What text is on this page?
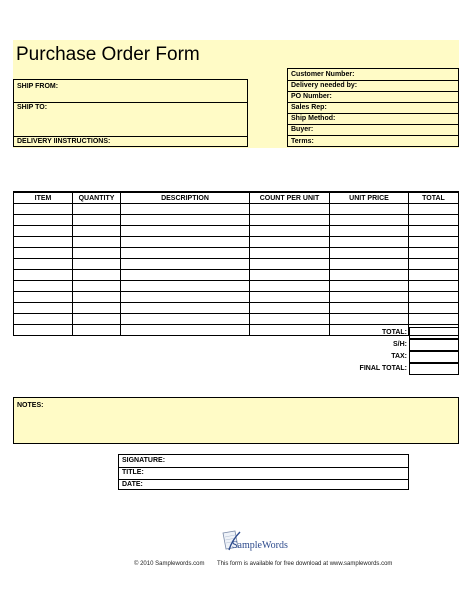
Purchase Order Form
SHIP FROM:
SHIP TO:
DELIVERY IINSTRUCTIONS:
Customer Number:
Delivery needed by:
PO Number:
Sales Rep:
Ship Method:
Buyer:
Terms:
ITEM	QUANTITY	DESCRIPTION	COUNT PER UNIT	UNIT PRICE	TOTAL

TOTAL:
S/H:
TAX:
FINAL TOTAL:
NOTES:
SIGNATURE:
TITLE:
DATE:
SampleWords
© 2010 Samplewords.com This form is available for free download at www.samplewords.com
